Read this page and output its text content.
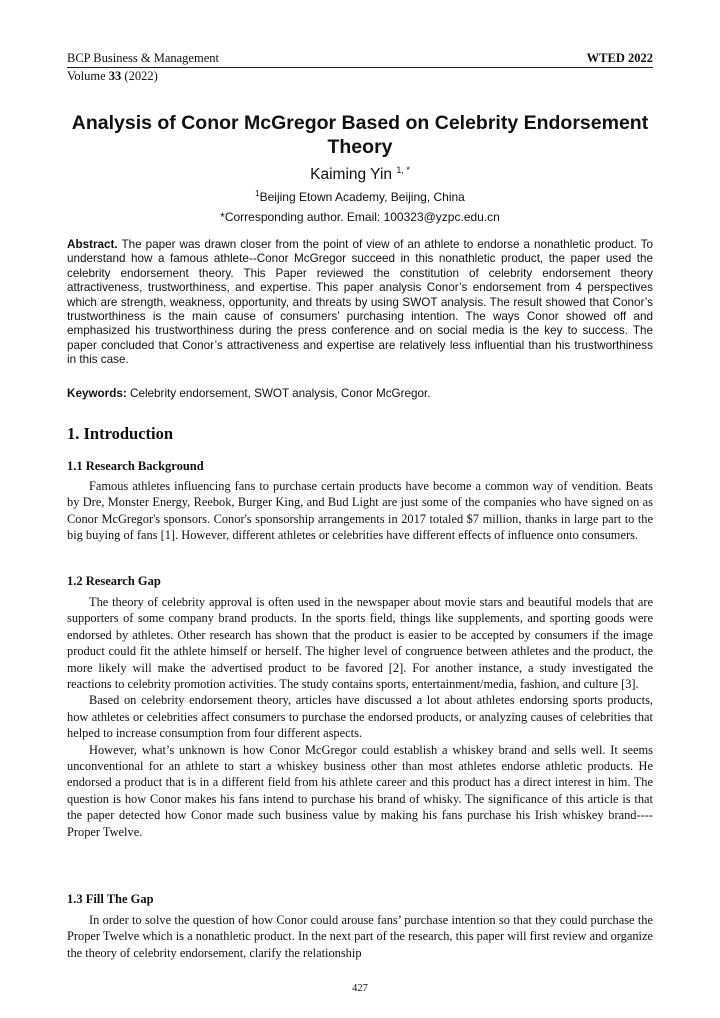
BCP Business & Management	WTED 2022
Volume 33 (2022)
Analysis of Conor McGregor Based on Celebrity Endorsement Theory
Kaiming Yin $^{1, *}$
$^1$Beijing Etown Academy, Beijing, China
*Corresponding author. Email: 100323@yzpc.edu.cn
Abstract. The paper was drawn closer from the point of view of an athlete to endorse a nonathletic product. To understand how a famous athlete--Conor McGregor succeed in this nonathletic product, the paper used the celebrity endorsement theory. This Paper reviewed the constitution of celebrity endorsement theory attractiveness, trustworthiness, and expertise. This paper analysis Conor’s endorsement from 4 perspectives which are strength, weakness, opportunity, and threats by using SWOT analysis. The result showed that Conor’s trustworthiness is the main cause of consumers’ purchasing intention. The ways Conor showed off and emphasized his trustworthiness during the press conference and on social media is the key to success. The paper concluded that Conor’s attractiveness and expertise are relatively less influential than his trustworthiness in this case.
Keywords: Celebrity endorsement, SWOT analysis, Conor McGregor.
1. Introduction
1.1 Research Background

Famous athletes influencing fans to purchase certain products have become a common way of vendition. Beats by Dre, Monster Energy, Reebok, Burger King, and Bud Light are just some of the companies who have signed on as Conor McGregor's sponsors. Conor's sponsorship arrangements in 2017 totaled $7 million, thanks in large part to the big buying of fans [1]. However, different athletes or celebrities have different effects of influence onto consumers.

1.2 Research Gap

The theory of celebrity approval is often used in the newspaper about movie stars and beautiful models that are supporters of some company brand products. In the sports field, things like supplements, and sporting goods were endorsed by athletes. Other research has shown that the product is easier to be accepted by consumers if the image product could fit the athlete himself or herself. The higher level of congruence between athletes and the product, the more likely will make the advertised product to be favored [2]. For another instance, a study investigated the reactions to celebrity promotion activities. The study contains sports, entertainment/media, fashion, and culture [3].

Based on celebrity endorsement theory, articles have discussed a lot about athletes endorsing sports products, how athletes or celebrities affect consumers to purchase the endorsed products, or analyzing causes of celebrities that helped to increase consumption from four different aspects.

However, what’s unknown is how Conor McGregor could establish a whiskey brand and sells well. It seems unconventional for an athlete to start a whiskey business other than most athletes endorse athletic products. He endorsed a product that is in a different field from his athlete career and this product has a direct interest in him. The question is how Conor makes his fans intend to purchase his brand of whisky. The significance of this article is that the paper detected how Conor made such business value by making his fans purchase his Irish whiskey brand----Proper Twelve.

1.3 Fill The Gap

In order to solve the question of how Conor could arouse fans’ purchase intention so that they could purchase the Proper Twelve which is a nonathletic product. In the next part of the research, this paper will first review and organize the theory of celebrity endorsement, clarify the relationship

427
